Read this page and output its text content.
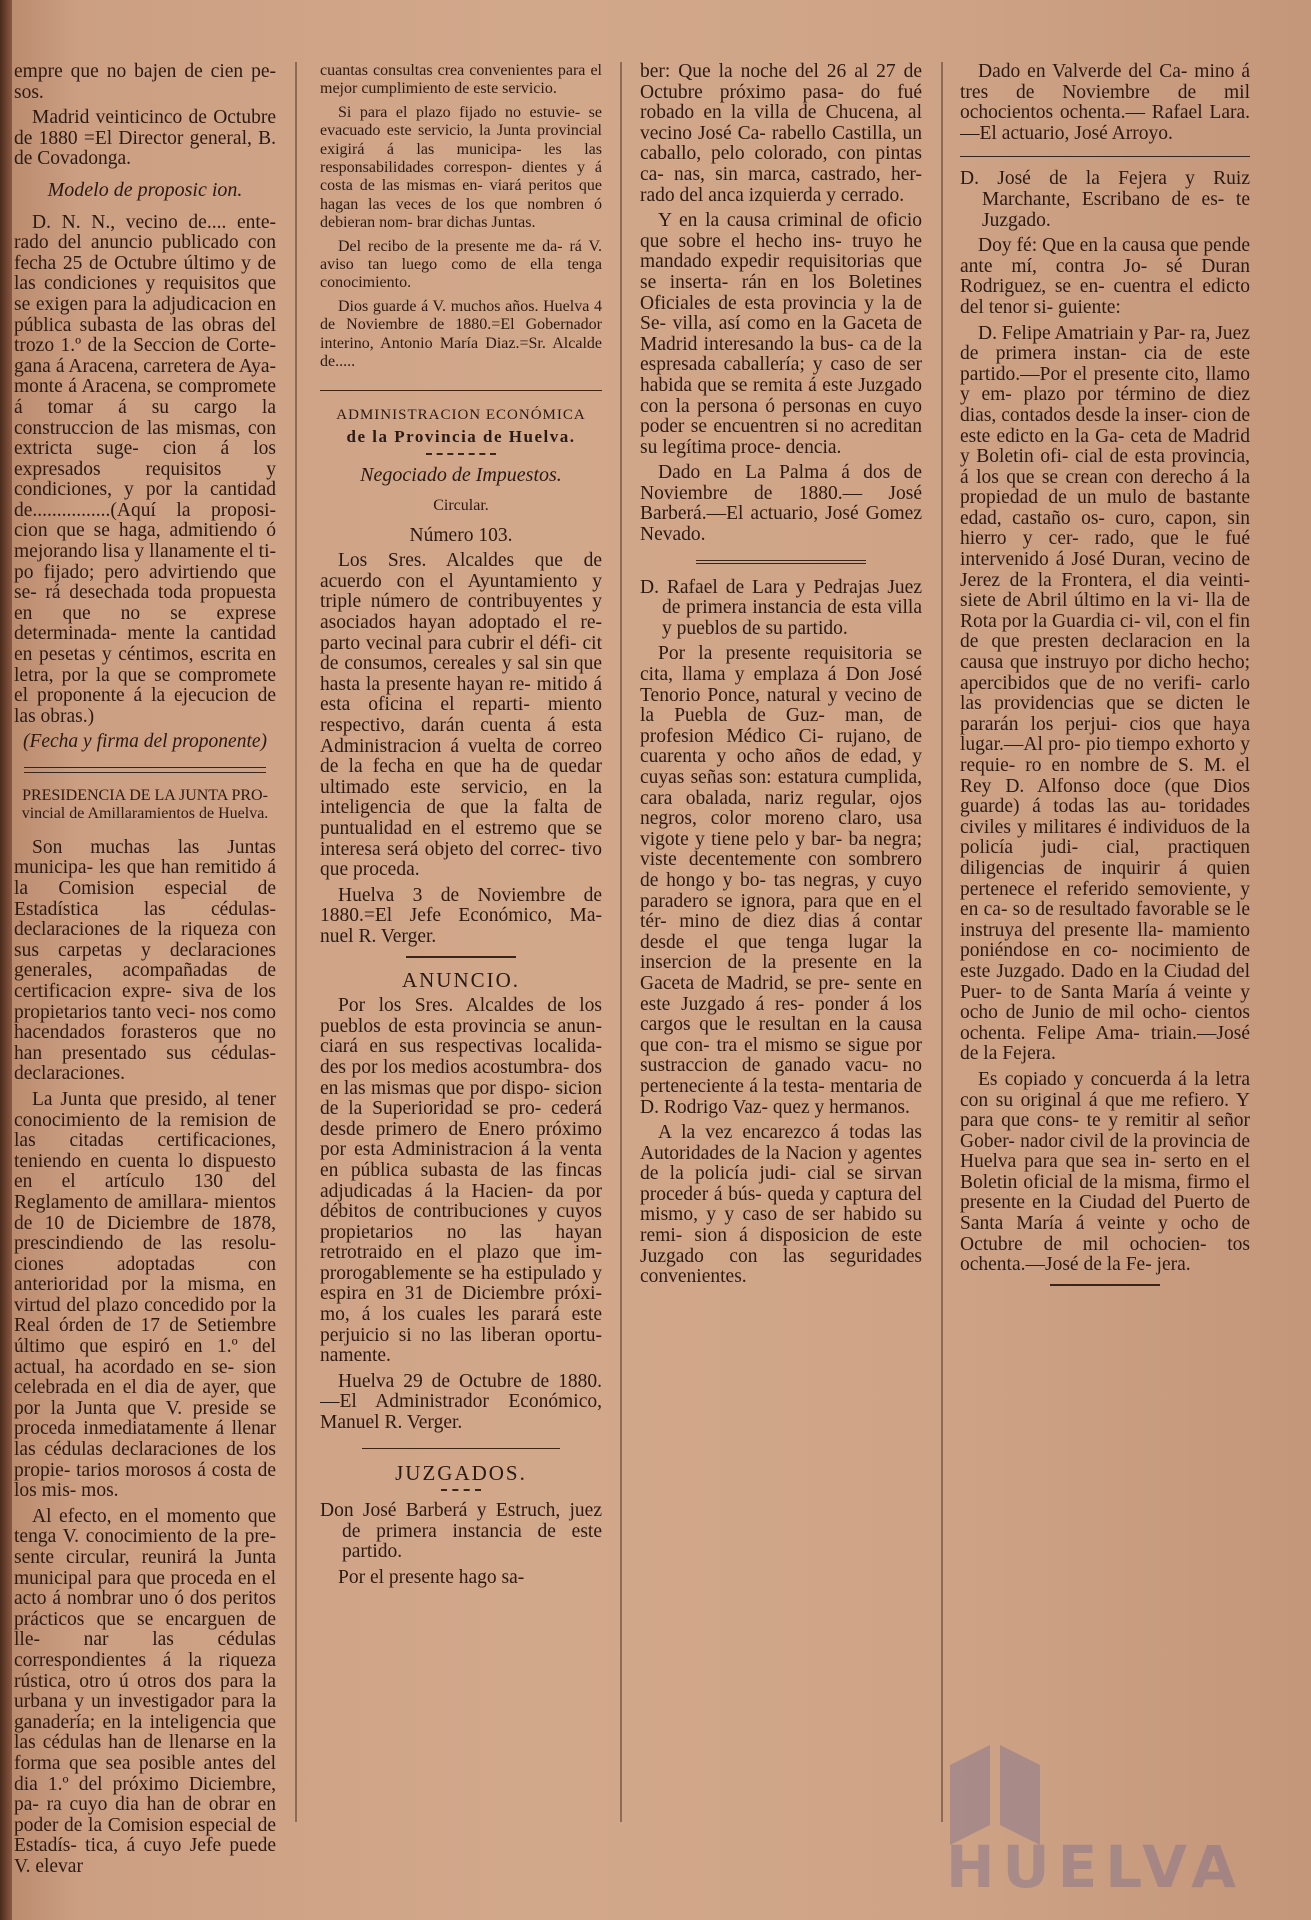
empre que no bajen de cien pe- sos.

Madrid veinticinco de Octubre de 1880 =El Director general, B. de Covadonga.

Modelo de proposic ion.

D. N. N., vecino de.... ente- rado del anuncio publicado con fecha 25 de Octubre último y de las condiciones y requisitos que se exigen para la adjudicacion en pública subasta de las obras del trozo 1.º de la Seccion de Corte- gana á Aracena, carretera de Aya- monte á Aracena, se compromete á tomar á su cargo la construccion de las mismas, con extricta suge- cion á los expresados requisitos y condiciones, y por la cantidad de................(Aquí la proposi- cion que se haga, admitiendo ó mejorando lisa y llanamente el ti- po fijado; pero advirtiendo que se- rá desechada toda propuesta en que no se exprese determinada- mente la cantidad en pesetas y céntimos, escrita en letra, por la que se compromete el proponente á la ejecucion de las obras.)

(Fecha y firma del proponente)

PRESIDENCIA DE LA JUNTA PRO- vincial de Amillaramientos de Huelva.

Son muchas las Juntas municipa- les que han remitido á la Comision especial de Estadística las cédulas- declaraciones de la riqueza con sus carpetas y declaraciones generales, acompañadas de certificacion expre- siva de los propietarios tanto veci- nos como hacendados forasteros que no han presentado sus cédulas- declaraciones.

La Junta que presido, al tener conocimiento de la remision de las citadas certificaciones, teniendo en cuenta lo dispuesto en el artículo 130 del Reglamento de amillara- mientos de 10 de Diciembre de 1878, prescindiendo de las resolu- ciones adoptadas con anterioridad por la misma, en virtud del plazo concedido por la Real órden de 17 de Setiembre último que espiró en 1.º del actual, ha acordado en se- sion celebrada en el dia de ayer, que por la Junta que V. preside se proceda inmediatamente á llenar las cédulas declaraciones de los propie- tarios morosos á costa de los mis- mos.

Al efecto, en el momento que tenga V. conocimiento de la pre- sente circular, reunirá la Junta municipal para que proceda en el acto á nombrar uno ó dos peritos prácticos que se encarguen de lle- nar las cédulas correspondientes á la riqueza rústica, otro ú otros dos para la urbana y un investigador para la ganadería; en la inteligencia que las cédulas han de llenarse en la forma que sea posible antes del dia 1.º del próximo Diciembre, pa- ra cuyo dia han de obrar en poder de la Comision especial de Estadís- tica, á cuyo Jefe puede V. elevar

cuantas consultas crea convenientes para el mejor cumplimiento de este servicio.

Si para el plazo fijado no estuvie- se evacuado este servicio, la Junta provincial exigirá á las municipa- les las responsabilidades correspon- dientes y á costa de las mismas en- viará peritos que hagan las veces de los que nombren ó debieran nom- brar dichas Juntas.

Del recibo de la presente me da- rá V. aviso tan luego como de ella tenga conocimiento.

Dios guarde á V. muchos años. Huelva 4 de Noviembre de 1880.=El Gobernador interino, Antonio María Diaz.=Sr. Alcalde de.....

ADMINISTRACION ECONÓMICA

de la Provincia de Huelva.

Negociado de Impuestos.

Circular.

Número 103.

Los Sres. Alcaldes que de acuerdo con el Ayuntamiento y triple número de contribuyentes y asociados hayan adoptado el re- parto vecinal para cubrir el défi- cit de consumos, cereales y sal sin que hasta la presente hayan re- mitido á esta oficina el reparti- miento respectivo, darán cuenta á esta Administracion á vuelta de correo de la fecha en que ha de quedar ultimado este servicio, en la inteligencia de que la falta de puntualidad en el estremo que se interesa será objeto del correc- tivo que proceda.

Huelva 3 de Noviembre de 1880.=El Jefe Económico, Ma- nuel R. Verger.

ANUNCIO.

Por los Sres. Alcaldes de los pueblos de esta provincia se anun- ciará en sus respectivas localida- des por los medios acostumbra- dos en las mismas que por dispo- sicion de la Superioridad se pro- cederá desde primero de Enero próximo por esta Administracion á la venta en pública subasta de las fincas adjudicadas á la Hacien- da por débitos de contribuciones y cuyos propietarios no las hayan retrotraido en el plazo que im- prorogablemente se ha estipulado y espira en 31 de Diciembre próxi- mo, á los cuales les parará este perjuicio si no las liberan oportu- namente.

Huelva 29 de Octubre de 1880. —El Administrador Económico, Manuel R. Verger.

JUZGADOS.

Don José Barberá y Estruch, juez de primera instancia de este partido.

Por el presente hago sa-

ber: Que la noche del 26 al 27 de Octubre próximo pasa- do fué robado en la villa de Chucena, al vecino José Ca- rabello Castilla, un caballo, pelo colorado, con pintas ca- nas, sin marca, castrado, her- rado del anca izquierda y cerrado.

Y en la causa criminal de oficio que sobre el hecho ins- truyo he mandado expedir requisitorias que se inserta- rán en los Boletines Oficiales de esta provincia y la de Se- villa, así como en la Gaceta de Madrid interesando la bus- ca de la espresada caballería; y caso de ser habida que se remita á este Juzgado con la persona ó personas en cuyo poder se encuentren si no acreditan su legítima proce- dencia.

Dado en La Palma á dos de Noviembre de 1880.— José Barberá.—El actuario, José Gomez Nevado.

D. Rafael de Lara y Pedrajas Juez de primera instancia de esta villa y pueblos de su partido.

Por la presente requisitoria se cita, llama y emplaza á Don José Tenorio Ponce, natural y vecino de la Puebla de Guz- man, de profesion Médico Ci- rujano, de cuarenta y ocho años de edad, y cuyas señas son: estatura cumplida, cara obalada, nariz regular, ojos negros, color moreno claro, usa vigote y tiene pelo y bar- ba negra; viste decentemente con sombrero de hongo y bo- tas negras, y cuyo paradero se ignora, para que en el tér- mino de diez dias á contar desde el que tenga lugar la insercion de la presente en la Gaceta de Madrid, se pre- sente en este Juzgado á res- ponder á los cargos que le resultan en la causa que con- tra el mismo se sigue por sustraccion de ganado vacu- no perteneciente á la testa- mentaria de D. Rodrigo Vaz- quez y hermanos.

A la vez encarezco á todas las Autoridades de la Nacion y agentes de la policía judi- cial se sirvan proceder á bús- queda y captura del mismo, y y caso de ser habido su remi- sion á disposicion de este Juzgado con las seguridades convenientes.

Dado en Valverde del Ca- mino á tres de Noviembre de mil ochocientos ochenta.— Rafael Lara.—El actuario, José Arroyo.

D. José de la Fejera y Ruiz Marchante, Escribano de es- te Juzgado.

Doy fé: Que en la causa que pende ante mí, contra Jo- sé Duran Rodriguez, se en- cuentra el edicto del tenor si- guiente:

D. Felipe Amatriain y Par- ra, Juez de primera instan- cia de este partido.—Por el presente cito, llamo y em- plazo por término de diez dias, contados desde la inser- cion de este edicto en la Ga- ceta de Madrid y Boletin ofi- cial de esta provincia, á los que se crean con derecho á la propiedad de un mulo de bastante edad, castaño os- curo, capon, sin hierro y cer- rado, que le fué intervenido á José Duran, vecino de Jerez de la Frontera, el dia veinti- siete de Abril último en la vi- lla de Rota por la Guardia ci- vil, con el fin de que presten declaracion en la causa que instruyo por dicho hecho; apercibidos que de no verifi- carlo las providencias que se dicten le pararán los perjui- cios que haya lugar.—Al pro- pio tiempo exhorto y requie- ro en nombre de S. M. el Rey D. Alfonso doce (que Dios guarde) á todas las au- toridades civiles y militares é individuos de la policía judi- cial, practiquen diligencias de inquirir á quien pertenece el referido semoviente, y en ca- so de resultado favorable se le instruya del presente lla- mamiento poniéndose en co- nocimiento de este Juzgado. Dado en la Ciudad del Puer- to de Santa María á veinte y ocho de Junio de mil ocho- cientos ochenta. Felipe Ama- triain.—José de la Fejera.

Es copiado y concuerda á la letra con su original á que me refiero. Y para que cons- te y remitir al señor Gober- nador civil de la provincia de Huelva para que sea in- serto en el Boletin oficial de la misma, firmo el presente en la Ciudad del Puerto de Santa María á veinte y ocho de Octubre de mil ochocien- tos ochenta.—José de la Fe- jera.

HUELVA
